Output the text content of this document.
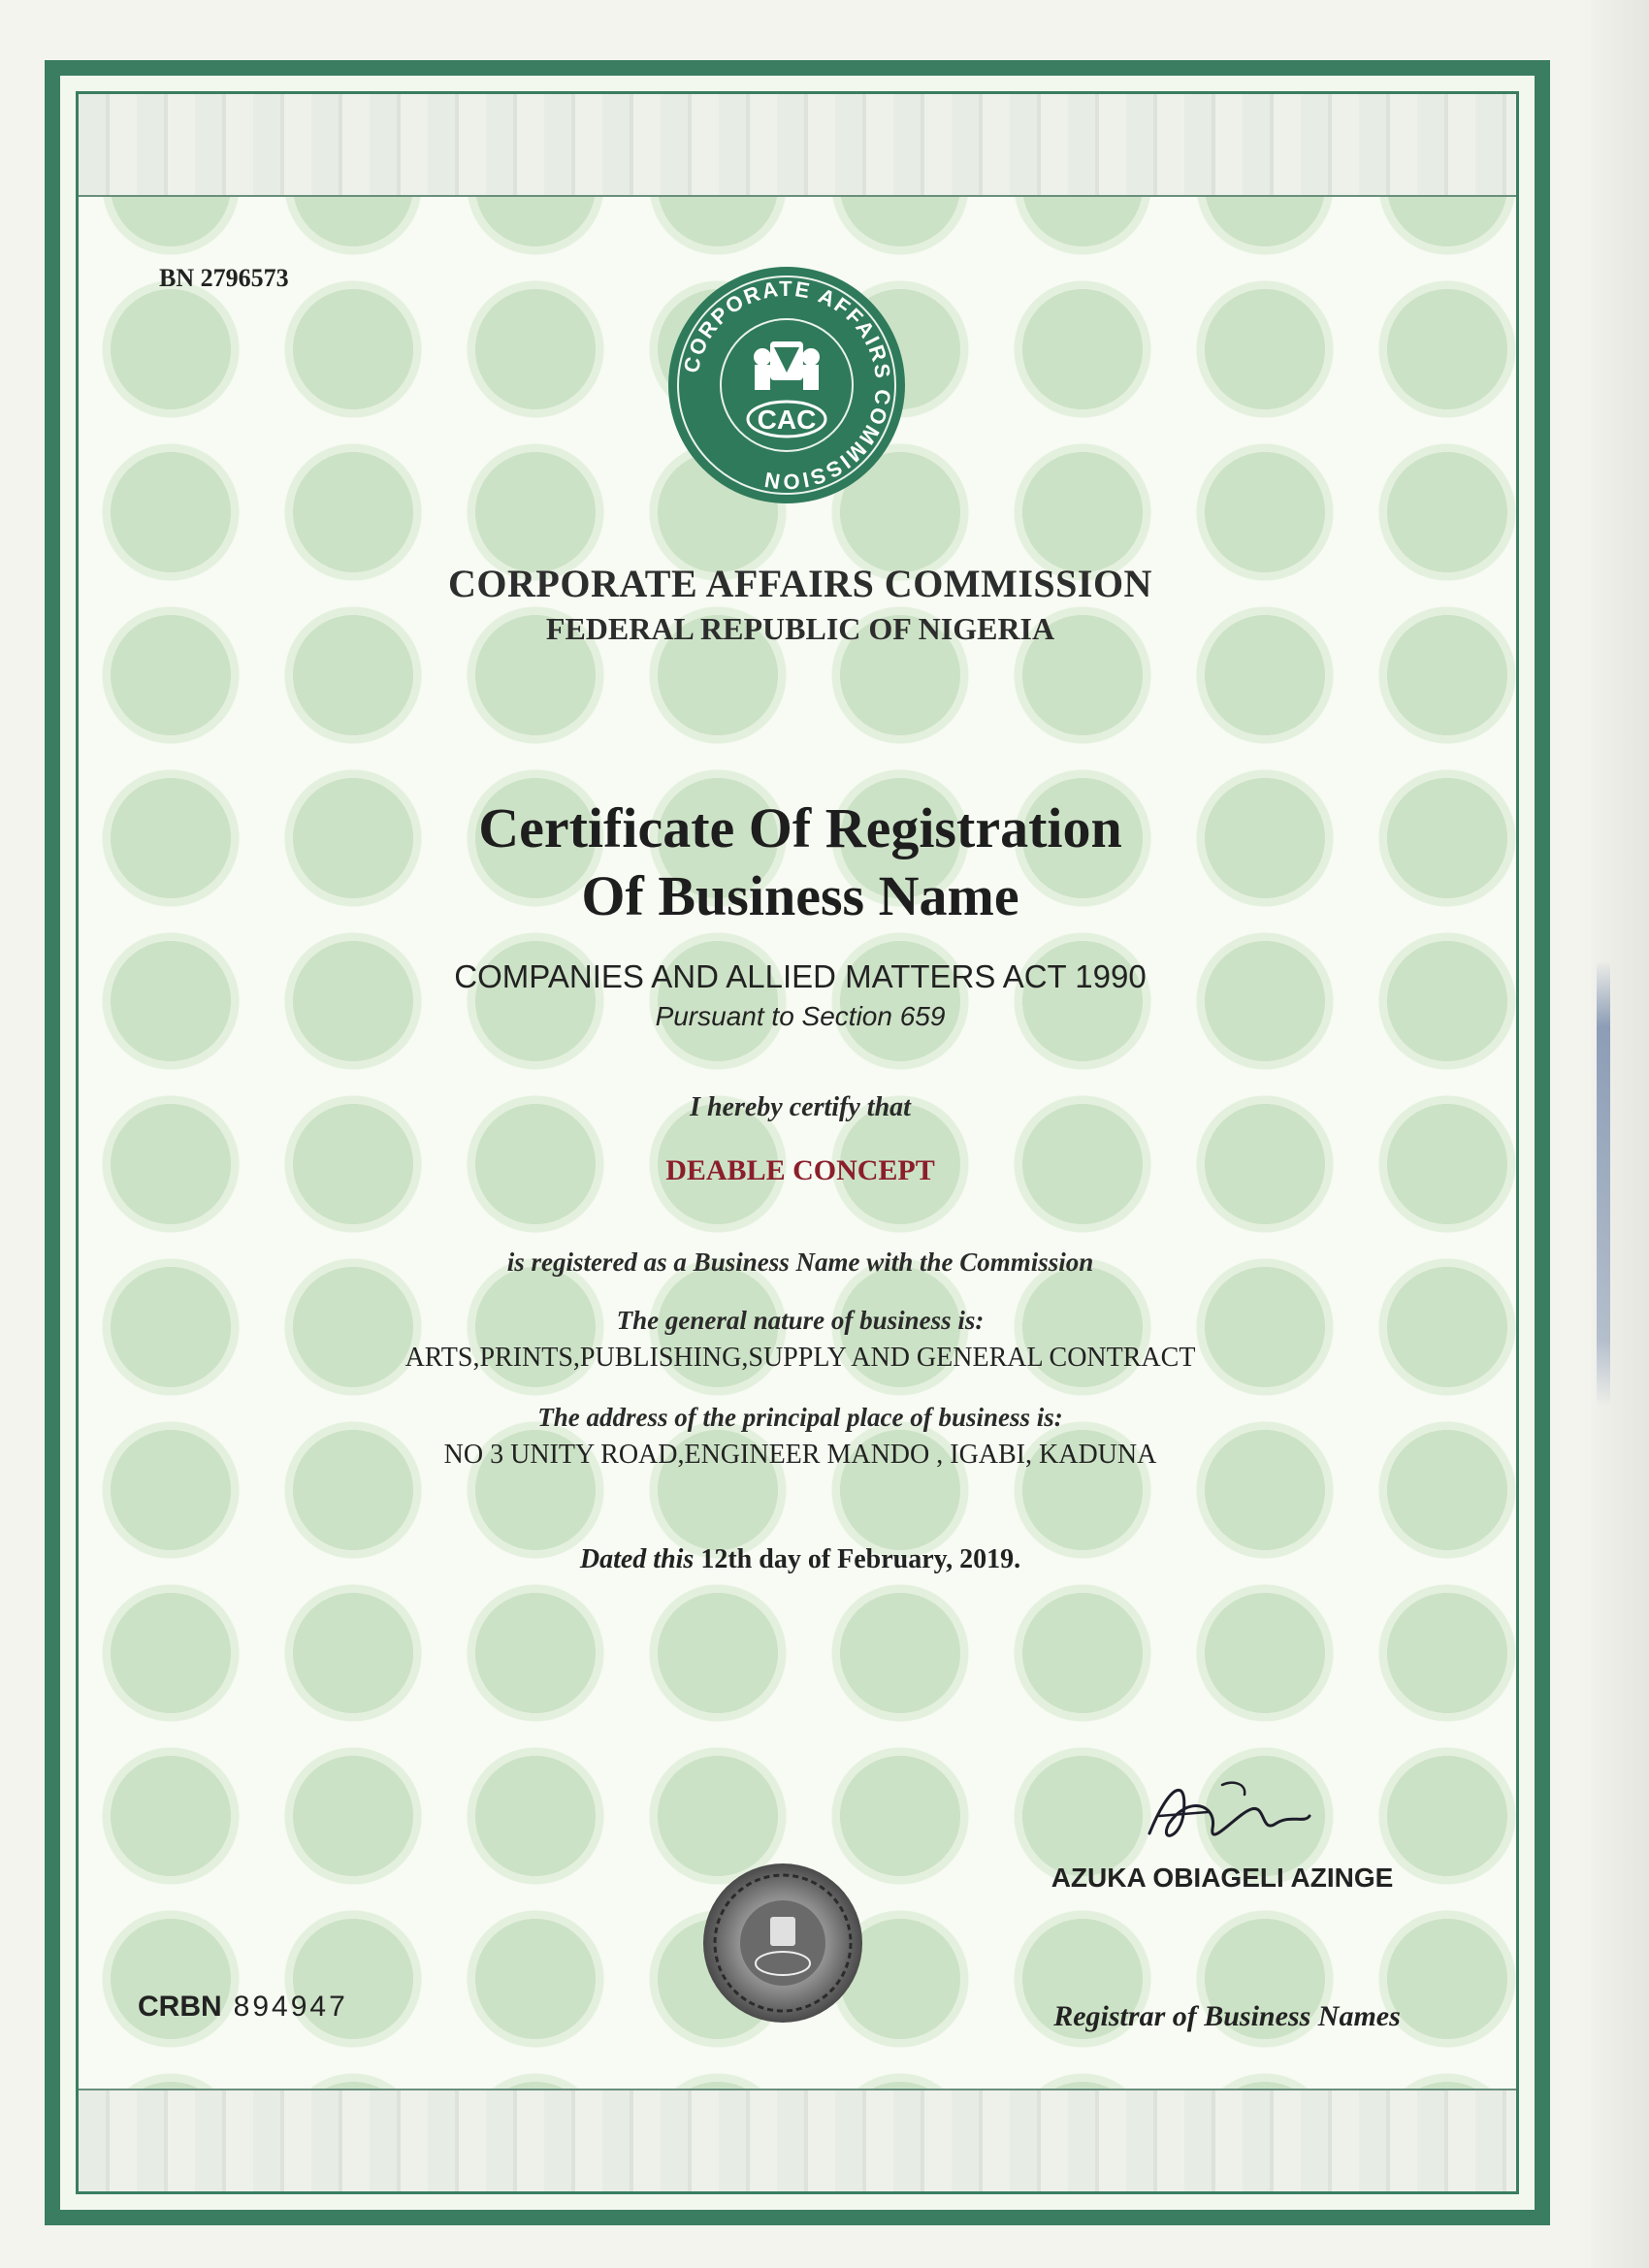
BN 2796573
CORPORATE AFFAIRS COMMISSION
CAC
CORPORATE AFFAIRS COMMISSION
FEDERAL REPUBLIC OF NIGERIA
Certificate Of Registration
Of Business Name
COMPANIES AND ALLIED MATTERS ACT 1990
Pursuant to Section 659
I hereby certify that
DEABLE CONCEPT
is registered as a Business Name with the Commission
The general nature of business is:
ARTS,PRINTS,PUBLISHING,SUPPLY AND GENERAL CONTRACT
The address of the principal place of business is:
NO 3 UNITY ROAD,ENGINEER MANDO , IGABI, KADUNA
Dated this 12th day of February, 2019.
AZUKA OBIAGELI AZINGE
CRBN 894947	Registrar of Business Names
